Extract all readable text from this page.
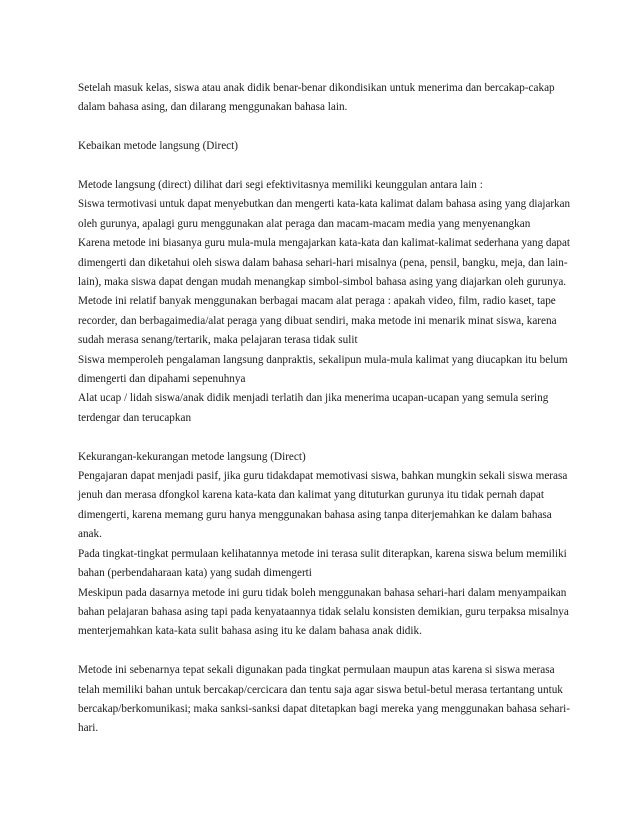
Setelah masuk kelas, siswa atau anak didik benar-benar dikondisikan untuk menerima dan bercakap-cakap
dalam bahasa asing, dan dilarang menggunakan bahasa lain.

Kebaikan metode langsung (Direct)

Metode langsung (direct) dilihat dari segi efektivitasnya memiliki keunggulan antara lain :

Siswa termotivasi untuk dapat menyebutkan dan mengerti kata-kata kalimat dalam bahasa asing yang diajarkan
oleh gurunya, apalagi guru menggunakan alat peraga dan macam-macam media yang menyenangkan

Karena metode ini biasanya guru mula-mula mengajarkan kata-kata dan kalimat-kalimat sederhana yang dapat
dimengerti dan diketahui oleh siswa dalam bahasa sehari-hari misalnya (pena, pensil, bangku, meja, dan lain-
lain), maka siswa dapat dengan mudah menangkap simbol-simbol bahasa asing yang diajarkan oleh gurunya.

Metode ini relatif banyak menggunakan berbagai macam alat peraga : apakah video, film, radio kaset, tape
recorder, dan berbagaimedia/alat peraga yang dibuat sendiri, maka metode ini menarik minat siswa, karena
sudah merasa senang/tertarik, maka pelajaran terasa tidak sulit

Siswa memperoleh pengalaman langsung danpraktis, sekalipun mula-mula kalimat yang diucapkan itu belum
dimengerti dan dipahami sepenuhnya

Alat ucap / lidah siswa/anak didik menjadi terlatih dan jika menerima ucapan-ucapan yang semula sering
terdengar dan terucapkan

Kekurangan-kekurangan metode langsung (Direct)

Pengajaran dapat menjadi pasif, jika guru tidakdapat memotivasi siswa, bahkan mungkin sekali siswa merasa
jenuh dan merasa dfongkol karena kata-kata dan kalimat yang dituturkan gurunya itu tidak pernah dapat
dimengerti, karena memang guru hanya menggunakan bahasa asing tanpa diterjemahkan ke dalam bahasa
anak.

Pada tingkat-tingkat permulaan kelihatannya metode ini terasa sulit diterapkan, karena siswa belum memiliki
bahan (perbendaharaan kata) yang sudah dimengerti

Meskipun pada dasarnya metode ini guru tidak boleh menggunakan bahasa sehari-hari dalam menyampaikan
bahan pelajaran bahasa asing tapi pada kenyataannya tidak selalu konsisten demikian, guru terpaksa misalnya
menterjemahkan kata-kata sulit bahasa asing itu ke dalam bahasa anak didik.

Metode ini sebenarnya tepat sekali digunakan pada tingkat permulaan maupun atas karena si siswa merasa
telah memiliki bahan untuk bercakap/cercicara dan tentu saja agar siswa betul-betul merasa tertantang untuk
bercakap/berkomunikasi; maka sanksi-sanksi dapat ditetapkan bagi mereka yang menggunakan bahasa sehari-
hari.
